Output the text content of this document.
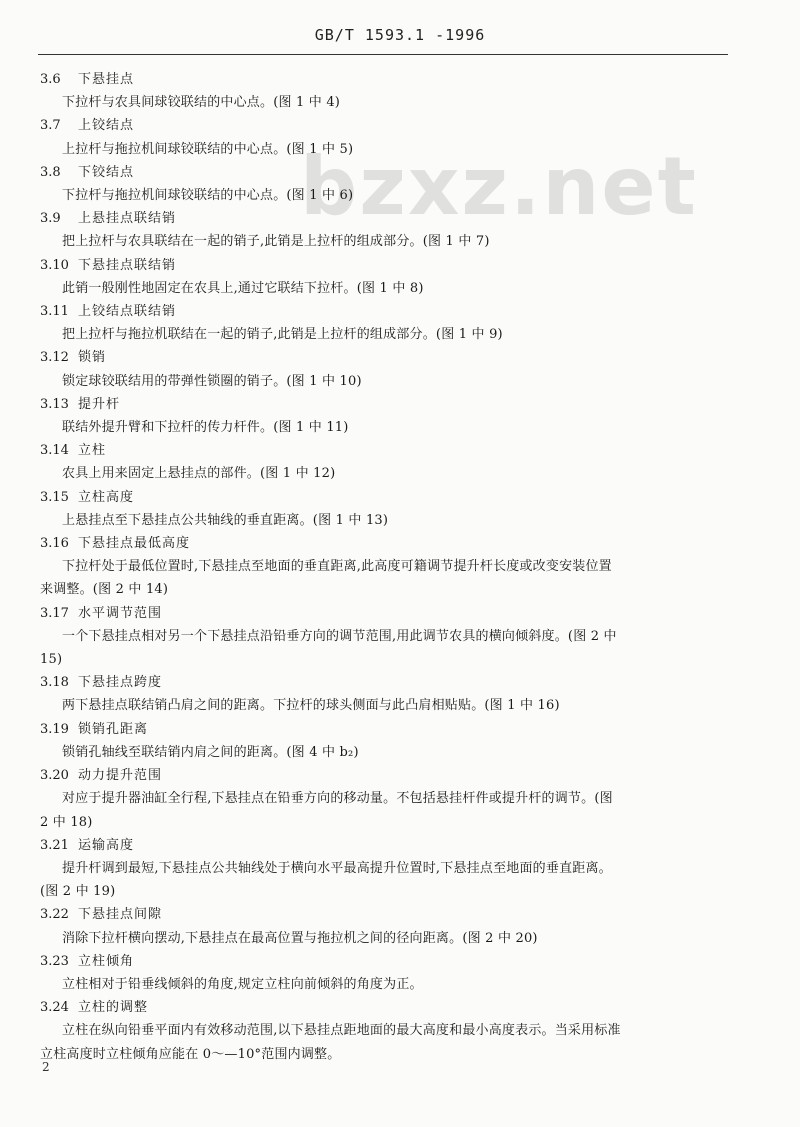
GB/T 1593.1 -1996
bzxz.net
3.6	下悬挂点
下拉杆与农具间球铰联结的中心点。(图 1 中 4)
3.7	上铰结点
上拉杆与拖拉机间球铰联结的中心点。(图 1 中 5)
3.8	下铰结点
下拉杆与拖拉机间球铰联结的中心点。(图 1 中 6)
3.9	上悬挂点联结销
把上拉杆与农具联结在一起的销子,此销是上拉杆的组成部分。(图 1 中 7)
3.10 下悬挂点联结销
此销一般刚性地固定在农具上,通过它联结下拉杆。(图 1 中 8)
3.11 上铰结点联结销
把上拉杆与拖拉机联结在一起的销子,此销是上拉杆的组成部分。(图 1 中 9)
3.12 锁销
锁定球铰联结用的带弹性锁圈的销子。(图 1 中 10)
3.13 提升杆
联结外提升臂和下拉杆的传力杆件。(图 1 中 11)
3.14 立柱
农具上用来固定上悬挂点的部件。(图 1 中 12)
3.15 立柱高度
上悬挂点至下悬挂点公共轴线的垂直距离。(图 1 中 13)
3.16 下悬挂点最低高度
下拉杆处于最低位置时,下悬挂点至地面的垂直距离,此高度可籍调节提升杆长度或改变安装位置
来调整。(图 2 中 14)
3.17 水平调节范围
一个下悬挂点相对另一个下悬挂点沿铅垂方向的调节范围,用此调节农具的横向倾斜度。(图 2 中
15)
3.18 下悬挂点跨度
两下悬挂点联结销凸肩之间的距离。下拉杆的球头侧面与此凸肩相贴贴。(图 1 中 16)
3.19 锁销孔距离
锁销孔轴线至联结销内肩之间的距离。(图 4 中 b₂)
3.20 动力提升范围
对应于提升器油缸全行程,下悬挂点在铅垂方向的移动量。不包括悬挂杆件或提升杆的调节。(图
2 中 18)
3.21 运输高度
提升杆调到最短,下悬挂点公共轴线处于横向水平最高提升位置时,下悬挂点至地面的垂直距离。
(图 2 中 19)
3.22 下悬挂点间隙
消除下拉杆横向摆动,下悬挂点在最高位置与拖拉机之间的径向距离。(图 2 中 20)
3.23 立柱倾角
立柱相对于铅垂线倾斜的角度,规定立柱向前倾斜的角度为正。
3.24 立柱的调整
立柱在纵向铅垂平面内有效移动范围,以下悬挂点距地面的最大高度和最小高度表示。当采用标准
立柱高度时立柱倾角应能在 0～—10°范围内调整。
2
